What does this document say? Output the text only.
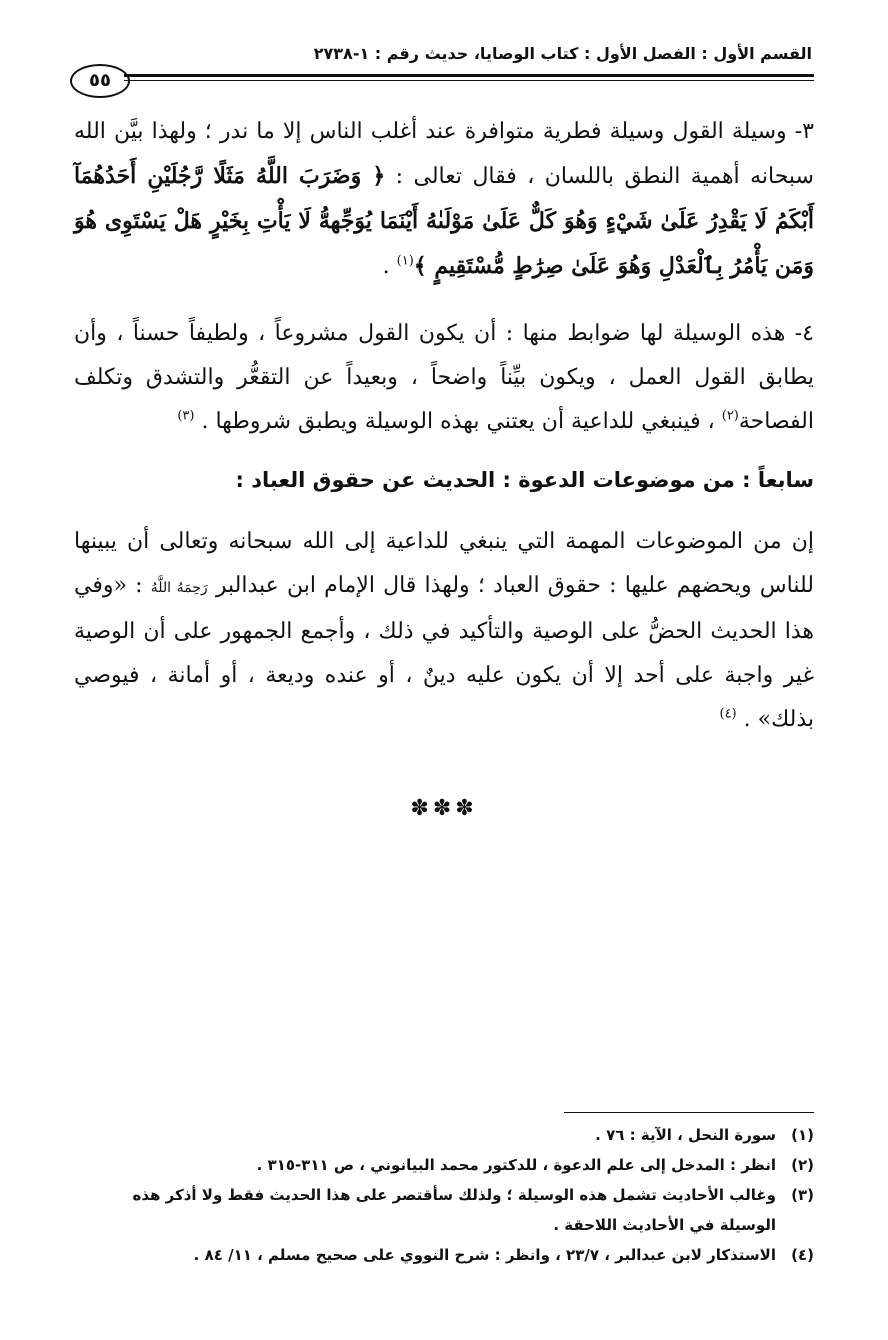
القسم الأول : الفصل الأول : كتاب الوصايا، حديث رقم : ١-٢٧٣٨
٥٥
٣- وسيلة القول وسيلة فطرية متوافرة عند أغلب الناس إلا ما ندر ؛ ولهذا بيَّن الله سبحانه أهمية النطق باللسان ، فقال تعالى : ﴿ وَضَرَبَ اللَّهُ مَثَلًا رَّجُلَيْنِ أَحَدُهُمَآ أَبْكَمُ لَا يَقْدِرُ عَلَىٰ شَيْءٍ وَهُوَ كَلٌّ عَلَىٰ مَوْلَىٰهُ أَيْنَمَا يُوَجِّههُّ لَا يَأْتِ بِخَيْرٍ هَلْ يَسْتَوِى هُوَ وَمَن يَأْمُرُ بِٱلْعَدْلِ وَهُوَ عَلَىٰ صِرَٰطٍ مُّسْتَقِيمٍ ﴾$^{(١)}$ .
٤- هذه الوسيلة لها ضوابط منها : أن يكون القول مشروعاً ، ولطيفاً حسناً ، وأن يطابق القول العمل ، ويكون بيِّناً واضحاً ، وبعيداً عن التقعُّر والتشدق وتكلف الفصاحة$^{(٢)}$ ، فينبغي للداعية أن يعتني بهذه الوسيلة ويطبق شروطها . $^{(٣)}$
سابعاً : من موضوعات الدعوة : الحديث عن حقوق العباد :
إن من الموضوعات المهمة التي ينبغي للداعية إلى الله سبحانه وتعالى أن يبينها للناس ويحضهم عليها : حقوق العباد ؛ ولهذا قال الإمام ابن عبدالبر رَحِمَهُ اللَّهُ : «وفي هذا الحديث الحضُّ على الوصية والتأكيد في ذلك ، وأجمع الجمهور على أن الوصية غير واجبة على أحد إلا أن يكون عليه دينٌ ، أو عنده وديعة ، أو أمانة ، فيوصي بذلك» . $^{(٤)}$
✽✽✽
(١)
سورة النحل ، الآية : ٧٦ .
(٢)
انظر : المدخل إلى علم الدعوة ، للدكتور محمد البيانوني ، ص ٣١١-٣١٥ .
(٣)
وغالب الأحاديث تشمل هذه الوسيلة ؛ ولذلك سأقتصر على هذا الحديث فقط ولا أذكر هذه الوسيلة في الأحاديث اللاحقة .
(٤)
الاستذكار لابن عبدالبر ، ٢٣/٧ ، وانظر : شرح النووي على صحيح مسلم ، ١١/ ٨٤ .
